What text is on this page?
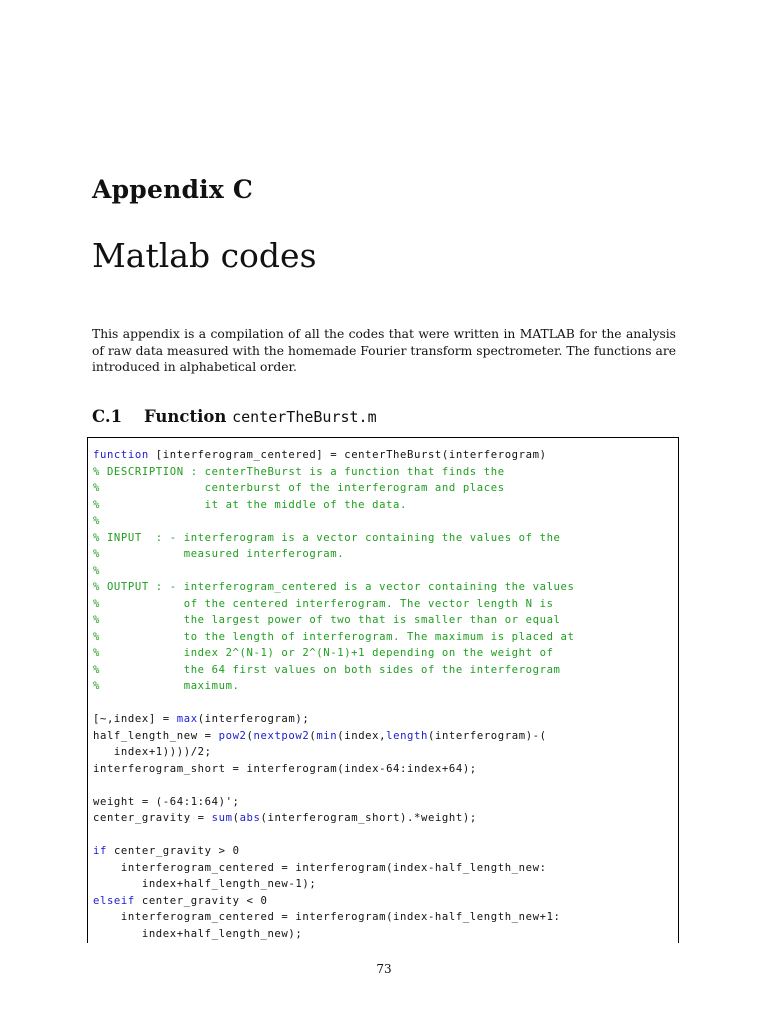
Appendix C
Matlab codes

This appendix is a compilation of all the codes that were written in MATLAB for the analysis of raw data measured with the homemade Fourier transform spectrometer. The functions are introduced in alphabetical order.

C.1 Function centerTheBurst.m
function [interferogram_centered] = centerTheBurst(interferogram)
% DESCRIPTION : centerTheBurst is a function that finds the
%               centerburst of the interferogram and places
%               it at the middle of the data.
%
% INPUT  : - interferogram is a vector containing the values of the
%            measured interferogram.
%
% OUTPUT : - interferogram_centered is a vector containing the values
%            of the centered interferogram. The vector length N is
%            the largest power of two that is smaller than or equal
%            to the length of interferogram. The maximum is placed at
%            index 2^(N-1) or 2^(N-1)+1 depending on the weight of
%            the 64 first values on both sides of the interferogram
%            maximum.
[~,index] = max(interferogram);
half_length_new = pow2(nextpow2(min(index,length(interferogram)-(
index+1))))/2;
interferogram_short = interferogram(index-64:index+64);
weight = (-64:1:64)';
center_gravity = sum(abs(interferogram_short).*weight);
if center_gravity > 0
interferogram_centered = interferogram(index-half_length_new:
index+half_length_new-1);
elseif center_gravity < 0
interferogram_centered = interferogram(index-half_length_new+1:
index+half_length_new);
73
